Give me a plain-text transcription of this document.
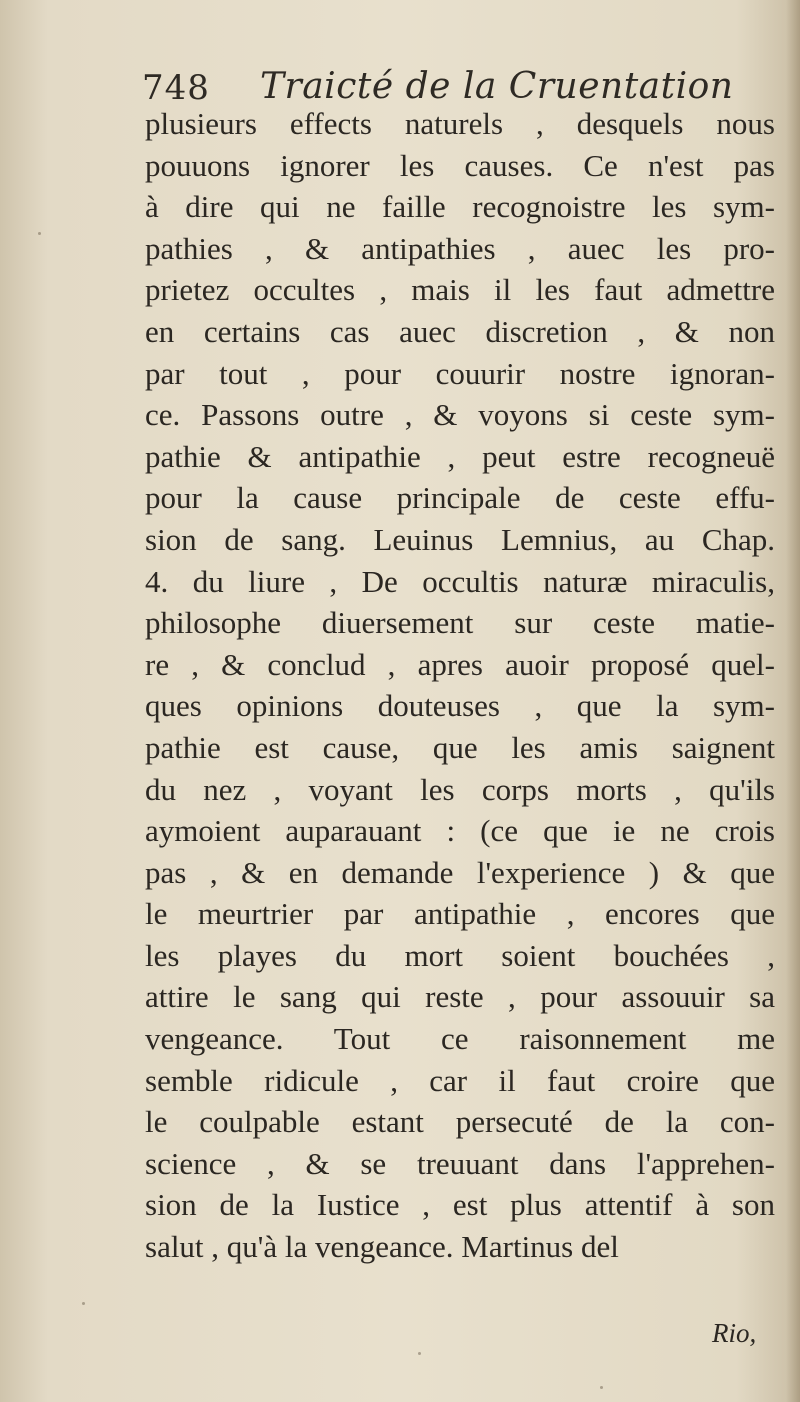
748 Traicté de la Cruentation
plusieurs effects naturels , desquels nous
pouuons ignorer les causes. Ce n'est pas
à dire qui ne faille recognoistre les sym-
pathies , & antipathies , auec les pro-
prietez occultes , mais il les faut admettre
en certains cas auec discretion , & non
par tout , pour couurir nostre ignoran-
ce. Passons outre , & voyons si ceste sym-
pathie & antipathie , peut estre recogneuë
pour la cause principale de ceste effu-
sion de sang. Leuinus Lemnius, au Chap.
4. du liure , De occultis naturæ miraculis,
philosophe diuersement sur ceste matie-
re , & conclud , apres auoir proposé quel-
ques opinions douteuses , que la sym-
pathie est cause, que les amis saignent
du nez , voyant les corps morts , qu'ils
aymoient auparauant : (ce que ie ne crois
pas , & en demande l'experience ) & que
le meurtrier par antipathie , encores que
les playes du mort soient bouchées ,
attire le sang qui reste , pour assouuir sa
vengeance. Tout ce raisonnement me
semble ridicule , car il faut croire que
le coulpable estant persecuté de la con-
science , & se treuuant dans l'apprehen-
sion de la Iustice , est plus attentif à son
salut , qu'à la vengeance. Martinus del
Rio,
